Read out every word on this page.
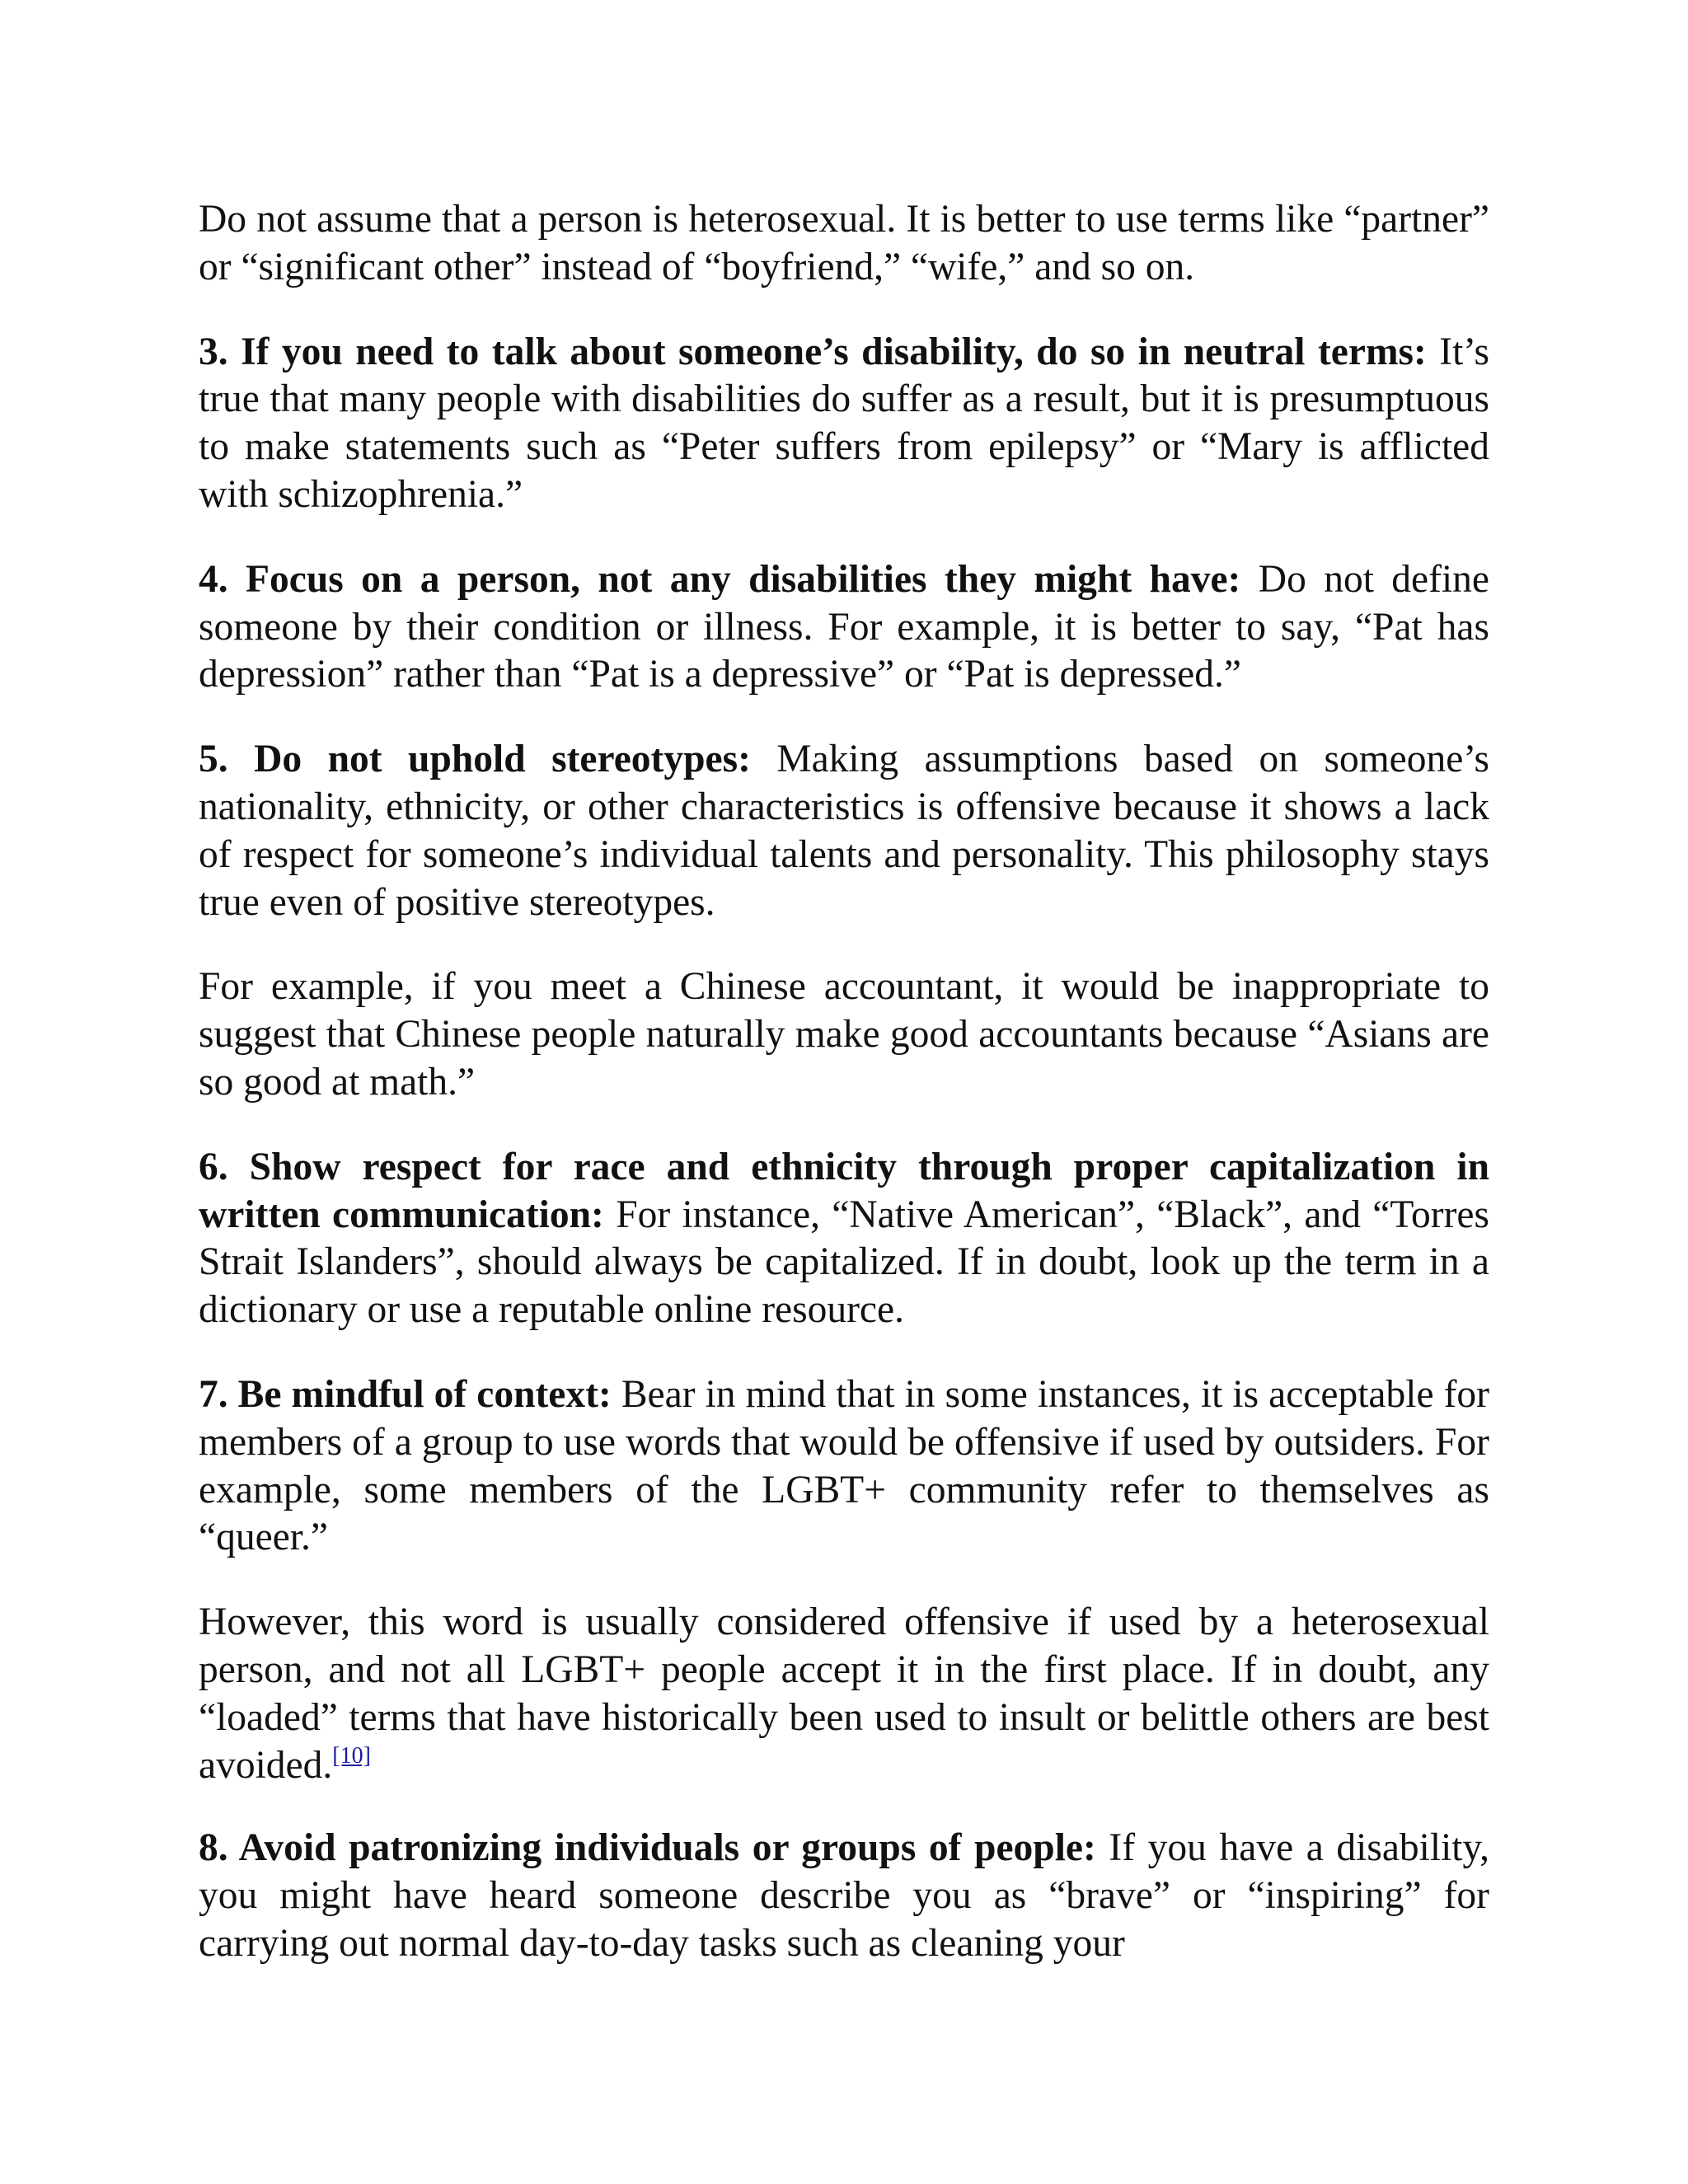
Do not assume that a person is heterosexual. It is better to use terms like “partner” or “significant other” instead of “boyfriend,” “wife,” and so on.

3. If you need to talk about someone’s disability, do so in neutral terms: It’s true that many people with disabilities do suffer as a result, but it is presumptuous to make statements such as “Peter suffers from epilepsy” or “Mary is afflicted with schizophrenia.”

4. Focus on a person, not any disabilities they might have: Do not define someone by their condition or illness. For example, it is better to say, “Pat has depression” rather than “Pat is a depressive” or “Pat is depressed.”

5. Do not uphold stereotypes: Making assumptions based on someone’s nationality, ethnicity, or other characteristics is offensive because it shows a lack of respect for someone’s individual talents and personality. This philosophy stays true even of positive stereotypes.

For example, if you meet a Chinese accountant, it would be inappropriate to suggest that Chinese people naturally make good accountants because “Asians are so good at math.”

6. Show respect for race and ethnicity through proper capitalization in written communication: For instance, “Native American”, “Black”, and “Torres Strait Islanders”, should always be capitalized. If in doubt, look up the term in a dictionary or use a reputable online resource.

7. Be mindful of context: Bear in mind that in some instances, it is acceptable for members of a group to use words that would be offensive if used by outsiders. For example, some members of the LGBT+ community refer to themselves as “queer.”

However, this word is usually considered offensive if used by a heterosexual person, and not all LGBT+ people accept it in the first place. If in doubt, any “loaded” terms that have historically been used to insult or belittle others are best avoided.[10]

8. Avoid patronizing individuals or groups of people: If you have a disability, you might have heard someone describe you as “brave” or “inspiring” for carrying out normal day-to-day tasks such as cleaning your
